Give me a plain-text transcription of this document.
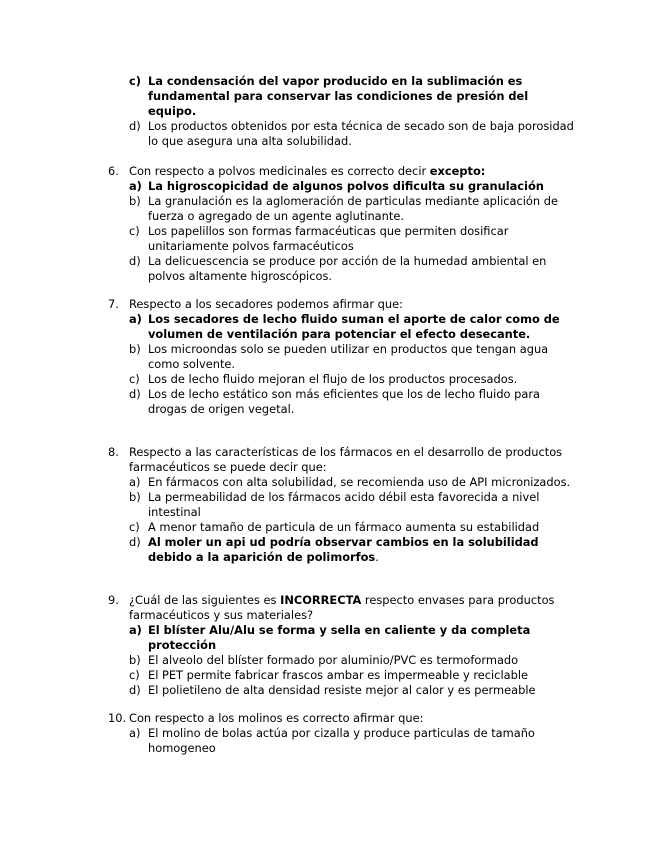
c) La condensación del vapor producido en la sublimación es fundamental para conservar las condiciones de presión del equipo.
d) Los productos obtenidos por esta técnica de secado son de baja porosidad lo que asegura una alta solubilidad.
6. Con respecto a polvos medicinales es correcto decir excepto:
a) La higroscopicidad de algunos polvos dificulta su granulación
b) La granulación es la aglomeración de particulas mediante aplicación de fuerza o agregado de un agente aglutinante.
c) Los papelillos son formas farmacéuticas que permiten dosificar unitariamente polvos farmacéuticos
d) La delicuescencia se produce por acción de la humedad ambiental en polvos altamente higroscópicos.
7. Respecto a los secadores podemos afirmar que:
a) Los secadores de lecho fluido suman el aporte de calor como de volumen de ventilación para potenciar el efecto desecante.
b) Los microondas solo se pueden utilizar en productos que tengan agua como solvente.
c) Los de lecho fluido mejoran el flujo de los productos procesados.
d) Los de lecho estático son más eficientes que los de lecho fluido para drogas de origen vegetal.
8. Respecto a las características de los fármacos en el desarrollo de productos farmacéuticos se puede decir que:
a) En fármacos con alta solubilidad, se recomienda uso de API micronizados.
b) La permeabilidad de los fármacos acido débil esta favorecida a nivel intestinal
c) A menor tamaño de particula de un fármaco aumenta su estabilidad
d) Al moler un api ud podría observar cambios en la solubilidad debido a la aparición de polimorfos.
9. ¿Cuál de las siguientes es INCORRECTA respecto envases para productos farmacéuticos y sus materiales?
a) El blíster Alu/Alu se forma y sella en caliente y da completa protección
b) El alveolo del blíster formado por aluminio/PVC es termoformado
c) El PET permite fabricar frascos ambar es impermeable y reciclable
d) El polietileno de alta densidad resiste mejor al calor y es permeable
10. Con respecto a los molinos es correcto afirmar que:
a) El molino de bolas actúa por cizalla y produce particulas de tamaño homogeneo
